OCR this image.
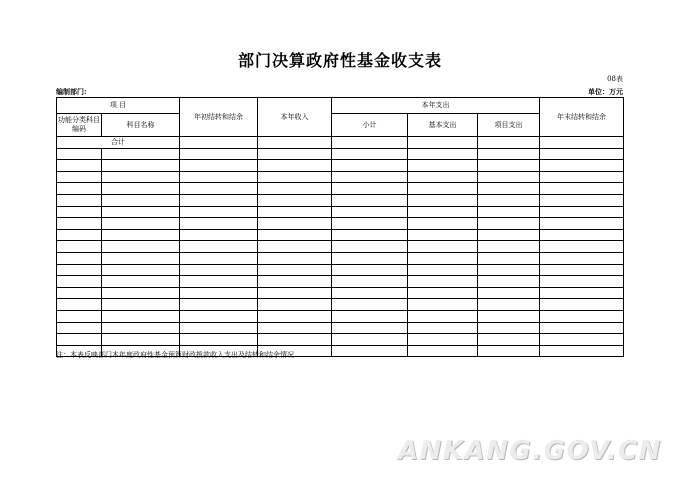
部门决算政府性基金收支表
08表
编制部门:	单位：万元
项 目		年初结转和结余	本年收入	本年支出			年末结转和结余
功能分类科目编码	科目名称			小计	基本支出	项目支出	
合计							

注：本表反映部门本年度政府性基金预算财政拨款收入支出及结转和结余情况
ANKANG.GOV.CN
